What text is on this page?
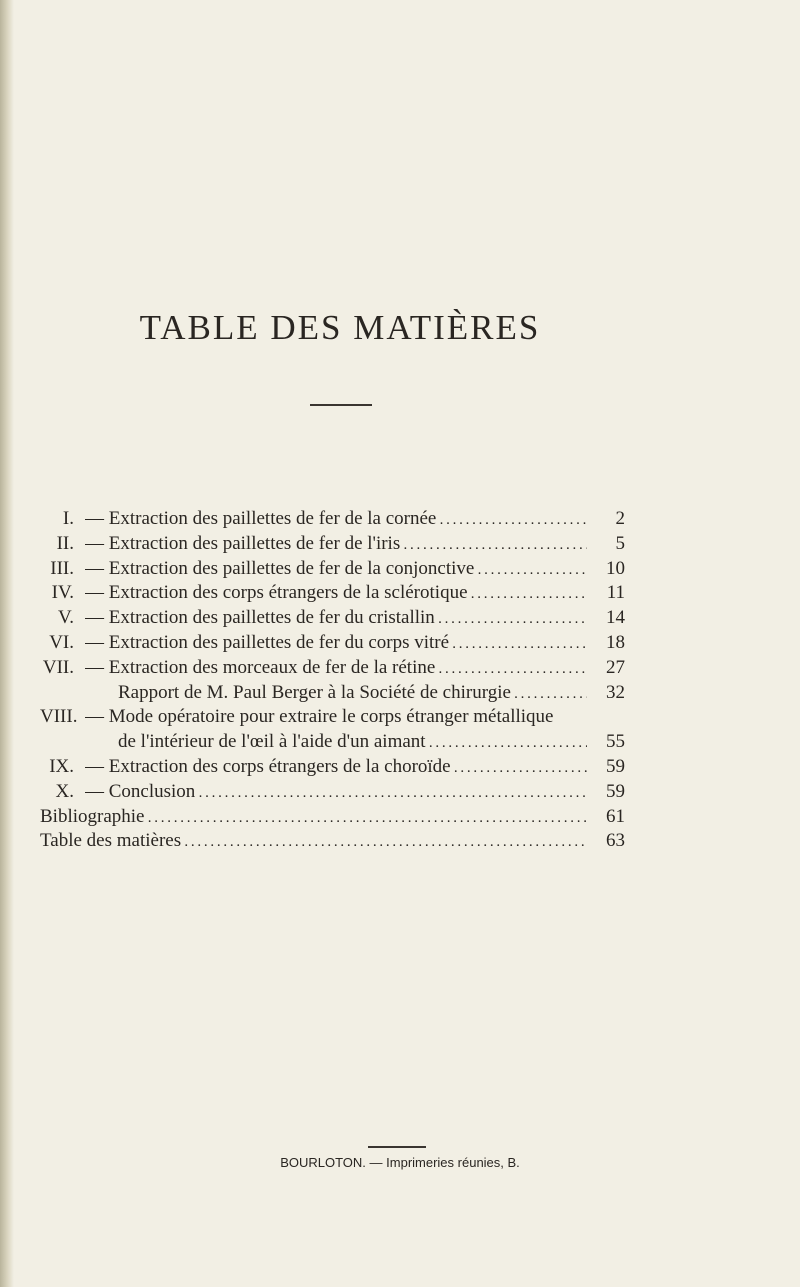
TABLE DES MATIÈRES
I. — Extraction des paillettes de fer de la cornée . . .	2
II. — Extraction des paillettes de fer de l'iris . . .	5
III. — Extraction des paillettes de fer de la conjonctive . . .	10
IV. — Extraction des corps étrangers de la sclérotique . . .	11
V. — Extraction des paillettes de fer du cristallin . . .	14
VI. — Extraction des paillettes de fer du corps vitré . . .	18
VII. — Extraction des morceaux de fer de la rétine . . .	27
Rapport de M. Paul Berger à la Société de chirurgie . . .	32
VIII. — Mode opératoire pour extraire le corps étranger métallique
de l'intérieur de l'œil à l'aide d'un aimant . . .	55
IX. — Extraction des corps étrangers de la choroïde . . .	59
X. — Conclusion . . .	59
Bibliographie . . .	61
Table des matières . . .	63
BOURLOTON. — Imprimeries réunies, B.
